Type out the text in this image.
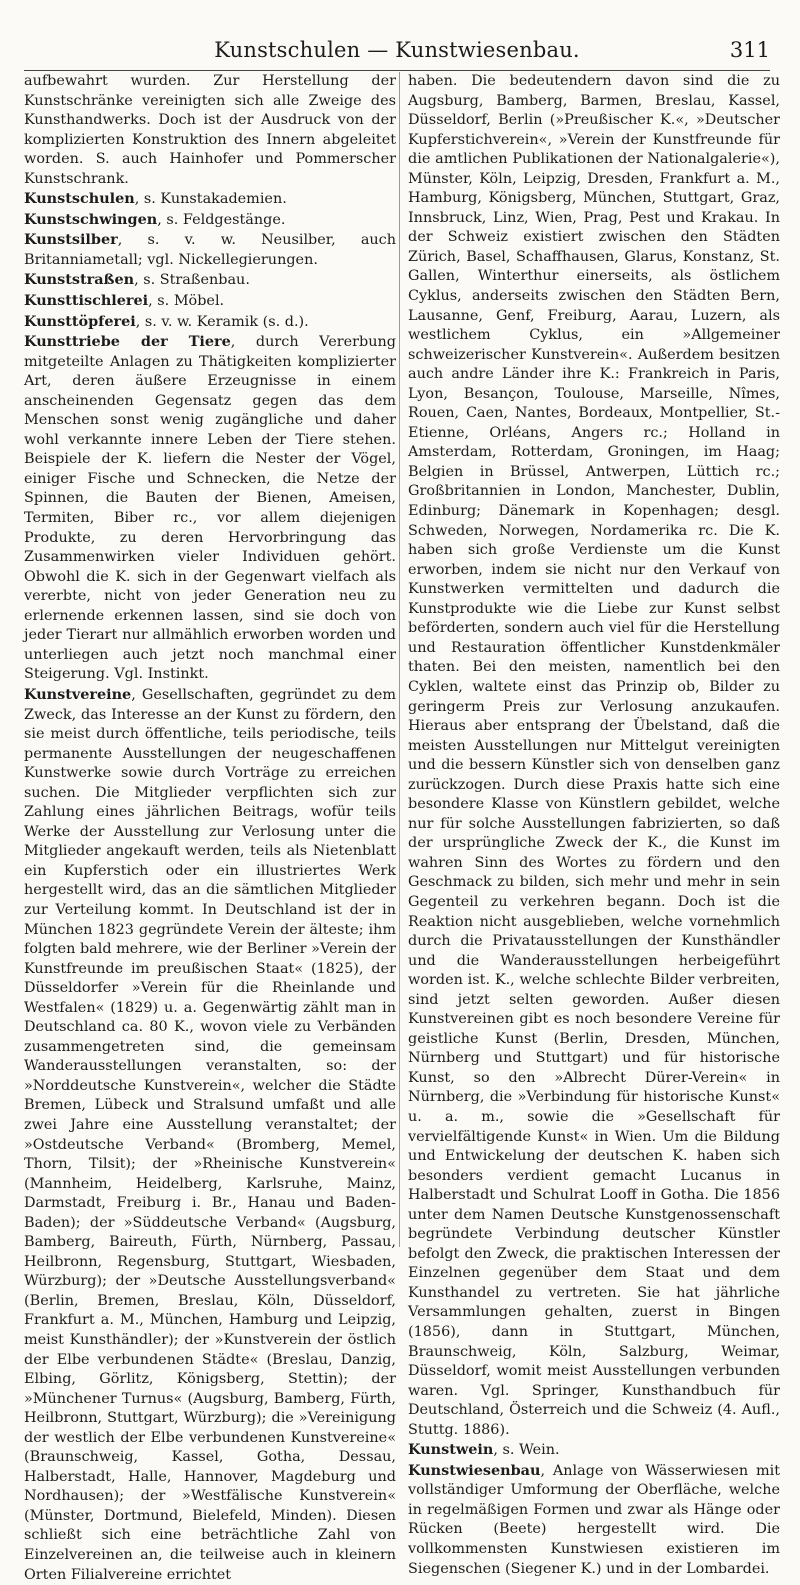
Kunstschulen — Kunstwiesenbau.	311
aufbewahrt wurden. Zur Herstellung der Kunstschränke vereinigten sich alle Zweige des Kunsthandwerks. Doch ist der Ausdruck von der komplizierten Konstruktion des Innern abgeleitet worden. S. auch Hainhofer und Pommerscher Kunstschrank.
Kunstschulen, s. Kunstakademien.
Kunstschwingen, s. Feldgestänge.
Kunstsilber, s. v. w. Neusilber, auch Britanniametall; vgl. Nickellegierungen.
Kunststraßen, s. Straßenbau.
Kunsttischlerei, s. Möbel.
Kunsttöpferei, s. v. w. Keramik (s. d.).
Kunsttriebe der Tiere, durch Vererbung mitgeteilte Anlagen zu Thätigkeiten komplizierter Art, deren äußere Erzeugnisse in einem anscheinenden Gegensatz gegen das dem Menschen sonst wenig zugängliche und daher wohl verkannte innere Leben der Tiere stehen. Beispiele der K. liefern die Nester der Vögel, einiger Fische und Schnecken, die Netze der Spinnen, die Bauten der Bienen, Ameisen, Termiten, Biber rc., vor allem diejenigen Produkte, zu deren Hervorbringung das Zusammenwirken vieler Individuen gehört. Obwohl die K. sich in der Gegenwart vielfach als vererbte, nicht von jeder Generation neu zu erlernende erkennen lassen, sind sie doch von jeder Tierart nur allmählich erworben worden und unterliegen auch jetzt noch manchmal einer Steigerung. Vgl. Instinkt.
Kunstvereine, Gesellschaften, gegründet zu dem Zweck, das Interesse an der Kunst zu fördern, den sie meist durch öffentliche, teils periodische, teils permanente Ausstellungen der neugeschaffenen Kunstwerke sowie durch Vorträge zu erreichen suchen. Die Mitglieder verpflichten sich zur Zahlung eines jährlichen Beitrags, wofür teils Werke der Ausstellung zur Verlosung unter die Mitglieder angekauft werden, teils als Nietenblatt ein Kupferstich oder ein illustriertes Werk hergestellt wird, das an die sämtlichen Mitglieder zur Verteilung kommt. In Deutschland ist der in München 1823 gegründete Verein der älteste; ihm folgten bald mehrere, wie der Berliner »Verein der Kunstfreunde im preußischen Staat« (1825), der Düsseldorfer »Verein für die Rheinlande und Westfalen« (1829) u. a. Gegenwärtig zählt man in Deutschland ca. 80 K., wovon viele zu Verbänden zusammengetreten sind, die gemeinsam Wanderausstellungen veranstalten, so: der »Norddeutsche Kunstverein«, welcher die Städte Bremen, Lübeck und Stralsund umfaßt und alle zwei Jahre eine Ausstellung veranstaltet; der »Ostdeutsche Verband« (Bromberg, Memel, Thorn, Tilsit); der »Rheinische Kunstverein« (Mannheim, Heidelberg, Karlsruhe, Mainz, Darmstadt, Freiburg i. Br., Hanau und Baden-Baden); der »Süddeutsche Verband« (Augsburg, Bamberg, Baireuth, Fürth, Nürnberg, Passau, Heilbronn, Regensburg, Stuttgart, Wiesbaden, Würzburg); der »Deutsche Ausstellungsverband« (Berlin, Bremen, Breslau, Köln, Düsseldorf, Frankfurt a. M., München, Hamburg und Leipzig, meist Kunsthändler); der »Kunstverein der östlich der Elbe verbundenen Städte« (Breslau, Danzig, Elbing, Görlitz, Königsberg, Stettin); der »Münchener Turnus« (Augsburg, Bamberg, Fürth, Heilbronn, Stuttgart, Würzburg); die »Vereinigung der westlich der Elbe verbundenen Kunstvereine« (Braunschweig, Kassel, Gotha, Dessau, Halberstadt, Halle, Hannover, Magdeburg und Nordhausen); der »Westfälische Kunstverein« (Münster, Dortmund, Bielefeld, Minden). Diesen schließt sich eine beträchtliche Zahl von Einzelvereinen an, die teilweise auch in kleinern Orten Filialvereine errichtet
haben. Die bedeutendern davon sind die zu Augsburg, Bamberg, Barmen, Breslau, Kassel, Düsseldorf, Berlin (»Preußischer K.«, »Deutscher Kupferstichverein«, »Verein der Kunstfreunde für die amtlichen Publikationen der Nationalgalerie«), Münster, Köln, Leipzig, Dresden, Frankfurt a. M., Hamburg, Königsberg, München, Stuttgart, Graz, Innsbruck, Linz, Wien, Prag, Pest und Krakau. In der Schweiz existiert zwischen den Städten Zürich, Basel, Schaffhausen, Glarus, Konstanz, St. Gallen, Winterthur einerseits, als östlichem Cyklus, anderseits zwischen den Städten Bern, Lausanne, Genf, Freiburg, Aarau, Luzern, als westlichem Cyklus, ein »Allgemeiner schweizerischer Kunstverein«. Außerdem besitzen auch andre Länder ihre K.: Frankreich in Paris, Lyon, Besançon, Toulouse, Marseille, Nîmes, Rouen, Caen, Nantes, Bordeaux, Montpellier, St.-Etienne, Orléans, Angers rc.; Holland in Amsterdam, Rotterdam, Groningen, im Haag; Belgien in Brüssel, Antwerpen, Lüttich rc.; Großbritannien in London, Manchester, Dublin, Edinburg; Dänemark in Kopenhagen; desgl. Schweden, Norwegen, Nordamerika rc. Die K. haben sich große Verdienste um die Kunst erworben, indem sie nicht nur den Verkauf von Kunstwerken vermittelten und dadurch die Kunstprodukte wie die Liebe zur Kunst selbst beförderten, sondern auch viel für die Herstellung und Restauration öffentlicher Kunstdenkmäler thaten. Bei den meisten, namentlich bei den Cyklen, waltete einst das Prinzip ob, Bilder zu geringerm Preis zur Verlosung anzukaufen. Hieraus aber entsprang der Übelstand, daß die meisten Ausstellungen nur Mittelgut vereinigten und die bessern Künstler sich von denselben ganz zurückzogen. Durch diese Praxis hatte sich eine besondere Klasse von Künstlern gebildet, welche nur für solche Ausstellungen fabrizierten, so daß der ursprüngliche Zweck der K., die Kunst im wahren Sinn des Wortes zu fördern und den Geschmack zu bilden, sich mehr und mehr in sein Gegenteil zu verkehren begann. Doch ist die Reaktion nicht ausgeblieben, welche vornehmlich durch die Privatausstellungen der Kunsthändler und die Wanderausstellungen herbeigeführt worden ist. K., welche schlechte Bilder verbreiten, sind jetzt selten geworden. Außer diesen Kunstvereinen gibt es noch besondere Vereine für geistliche Kunst (Berlin, Dresden, München, Nürnberg und Stuttgart) und für historische Kunst, so den »Albrecht Dürer-Verein« in Nürnberg, die »Verbindung für historische Kunst« u. a. m., sowie die »Gesellschaft für vervielfältigende Kunst« in Wien. Um die Bildung und Entwickelung der deutschen K. haben sich besonders verdient gemacht Lucanus in Halberstadt und Schulrat Looff in Gotha. Die 1856 unter dem Namen Deutsche Kunstgenossenschaft begründete Verbindung deutscher Künstler befolgt den Zweck, die praktischen Interessen der Einzelnen gegenüber dem Staat und dem Kunsthandel zu vertreten. Sie hat jährliche Versammlungen gehalten, zuerst in Bingen (1856), dann in Stuttgart, München, Braunschweig, Köln, Salzburg, Weimar, Düsseldorf, womit meist Ausstellungen verbunden waren. Vgl. Springer, Kunsthandbuch für Deutschland, Österreich und die Schweiz (4. Aufl., Stuttg. 1886).
Kunstwein, s. Wein.
Kunstwiesenbau, Anlage von Wässerwiesen mit vollständiger Umformung der Oberfläche, welche in regelmäßigen Formen und zwar als Hänge oder Rücken (Beete) hergestellt wird. Die vollkommensten Kunstwiesen existieren im Siegenschen (Siegener K.) und in der Lombardei.
